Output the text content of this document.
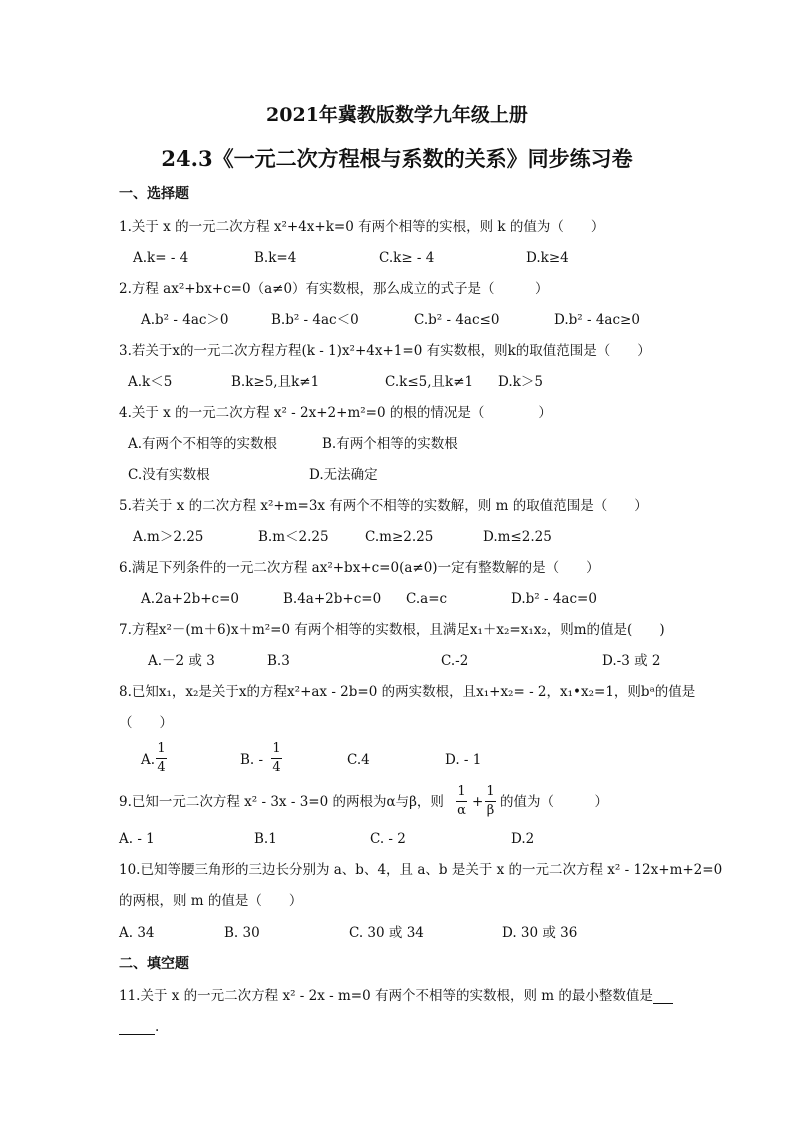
2021年冀教版数学九年级上册
24.3《一元二次方程根与系数的关系》同步练习卷
一、选择题
1.关于 x 的一元二次方程 x²+4x+k=0 有两个相等的实根，则 k 的值为（　　）
A.k= - 4	B.k=4	C.k≥ - 4	D.k≥4
2.方程 ax²+bx+c=0（a≠0）有实数根，那么成立的式子是（　　　）
A.b² - 4ac＞0	B.b² - 4ac＜0	C.b² - 4ac≤0	D.b² - 4ac≥0
3.若关于x的一元二次方程方程(k - 1)x²+4x+1=0 有实数根，则k的取值范围是（　　）
A.k＜5	B.k≥5,且k≠1	C.k≤5,且k≠1 D.k＞5
4.关于 x 的一元二次方程 x² - 2x+2+m²=0 的根的情况是（　　　　）
A.有两个不相等的实数根	B.有两个相等的实数根
C.没有实数根	D.无法确定
5.若关于 x 的二次方程 x²+m=3x 有两个不相等的实数解，则 m 的取值范围是（　　）
A.m＞2.25	B.m＜2.25	C.m≥2.25	D.m≤2.25
6.满足下列条件的一元二次方程 ax²+bx+c=0(a≠0)一定有整数解的是（　　）
A.2a+2b+c=0	B.4a+2b+c=0 C.a=c	D.b² - 4ac=0
7.方程x²－(m＋6)x＋m²=0 有两个相等的实数根，且满足x₁＋x₂=x₁x₂，则m的值是(　　)
A.－2 或 3	B.3	C.-2	D.-3 或 2
8.已知x₁，x₂是关于x的方程x²+ax - 2b=0 的两实数根，且x₁+x₂= - 2，x₁•x₂=1，则bᵃ的值是
（　　）
A.
1
4	B. -
1
4	C.4	D. - 1
9.已知一元二次方程 x² - 3x - 3=0 的两根为α与β，则
1
α
+
1
β
的值为（　　　）
A. - 1	B.1	C. - 2	D.2
10.已知等腰三角形的三边长分别为 a、b、4，且 a、b 是关于 x 的一元二次方程 x² - 12x+m+2=0
的两根，则 m 的值是（　　）
A. 34	B. 30	C. 30 或 34	D. 30 或 36
二、填空题
11.关于 x 的一元二次方程 x² - 2x - m=0 有两个不相等的实数根，则 m 的最小整数值是
.
